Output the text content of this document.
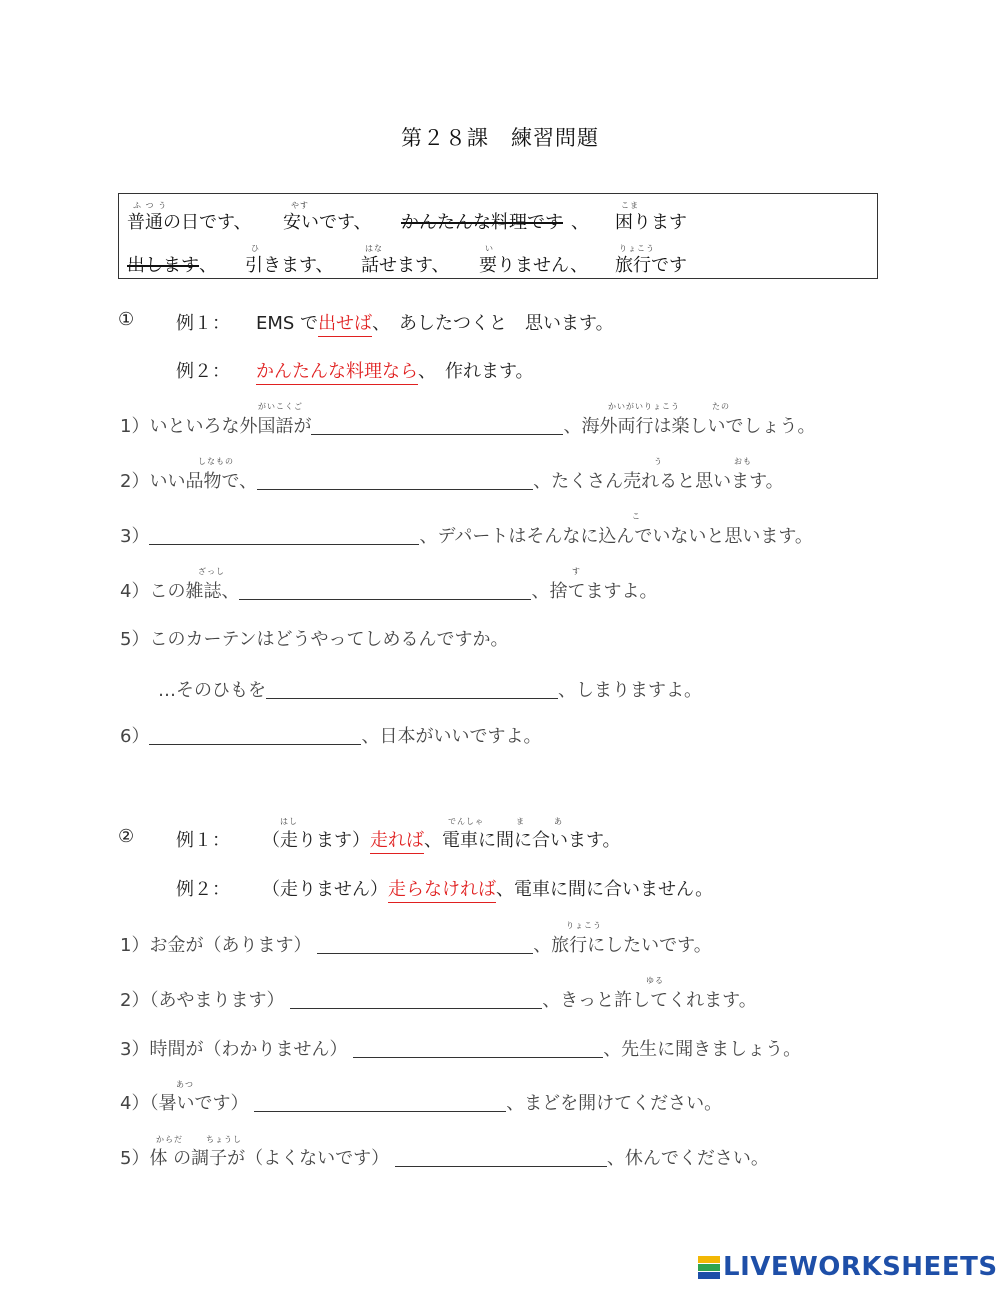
第２８課　練習問題
ふ つ う
普通の日です、
やす
安いです、 かんたんな料理です 、
こま
困ります
出します 、
ひ
引きます、
はな
話せます、
い
要りません、
りょこう
旅行です
① 例１： EMS で出せば、　あしたつくと　思います。
例２： かんたんな料理なら、　作れます。
がいこくご	かいがいりょこう	たの
1）いといろな外国語が	、海外両行は楽しいでしょう。
しなもの	う	おも
2）いい品物で、	、たくさん売れると思います。
こ
3）	、デパートはそんなに込んでいないと思います。
ざっし	す
4）この雑誌、	、捨てますよ。
5）このカーテンはどうやってしめるんですか。
…そのひもを	、しまりますよ。
6）	、日本がいいですよ。
はし	でんしゃ	ま	あ
② 例１： （走ります）走れば、電車に間に合います。
例２： （走りません）走らなければ、電車に間に合いません。
りょこう
1）お金が（あります）	、旅行にしたいです。
ゆる
2）（あやまります）	、きっと許してくれます。
3）時間が（わかりません）	、先生に聞きましょう。
あつ
4）（暑いです）	、まどを開けてください。
からだ	ちょうし
5）体 の調子が（よくないです）	、休んでください。
LIVEWORKSHEETS
